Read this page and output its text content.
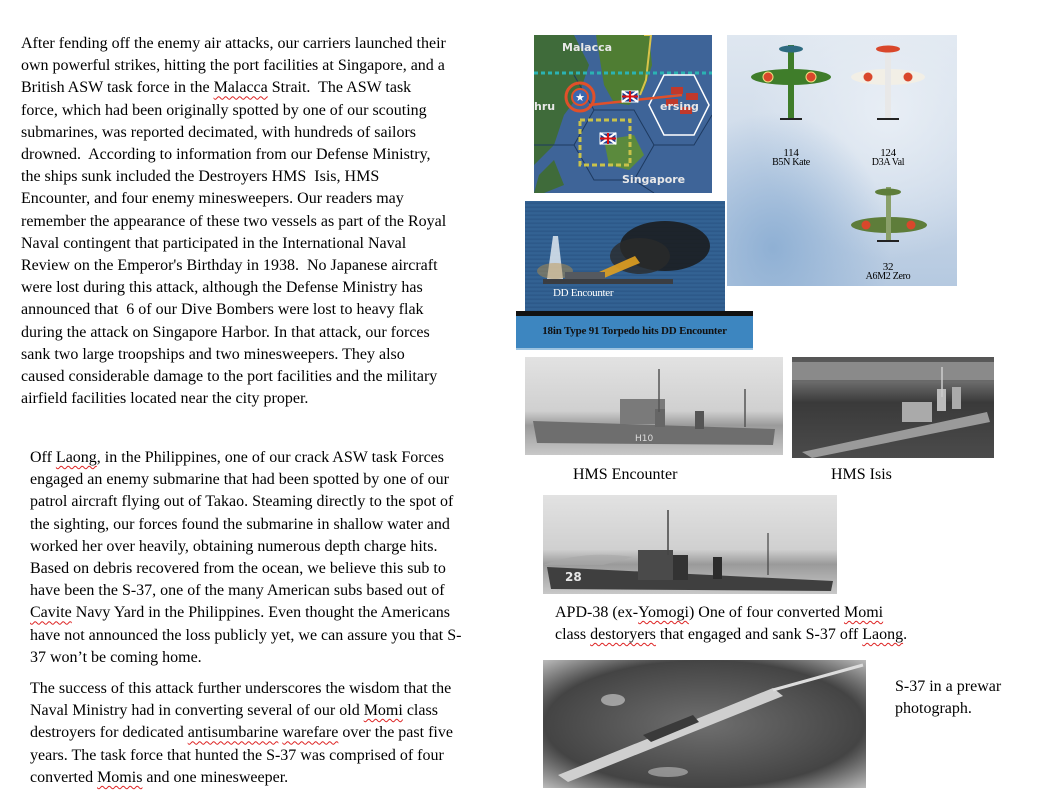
After fending off the enemy air attacks, our carriers launched their
own powerful strikes, hitting the port facilities at Singapore, and a
British ASW task force in the Malacca Strait.  The ASW task
force, which had been originally spotted by one of our scouting
submarines, was reported decimated, with hundreds of sailors
drowned.  According to information from our Defense Ministry,
the ships sunk included the Destroyers HMS  Isis, HMS
Encounter, and four enemy minesweepers. Our readers may
remember the appearance of these two vessels as part of the Royal
Naval contingent that participated in the International Naval
Review on the Emperor's Birthday in 1938.  No Japanese aircraft
were lost during this attack, although the Defense Ministry has
announced that  6 of our Dive Bombers were lost to heavy flak
during the attack on Singapore Harbor. In that attack, our forces
sank two large troopships and two minesweepers. They also
caused considerable damage to the port facilities and the military
airfield facilities located near the city proper.
Off Laong, in the Philippines, one of our crack ASW task Forces
engaged an enemy submarine that had been spotted by one of our
patrol aircraft flying out of Takao. Steaming directly to the spot of
the sighting, our forces found the submarine in shallow water and
worked her over heavily, obtaining numerous depth charge hits.
Based on debris recovered from the ocean, we believe this sub to
have been the S-37, one of the many American subs based out of
Cavite Navy Yard in the Philippines. Even thought the Americans
have not announced the loss publicly yet, we can assure you that S-
37 won’t be coming home.
The success of this attack further underscores the wisdom that the
Naval Ministry had in converting several of our old Momi class
destroyers for dedicated antisumbarine warefare over the past five
years. The task force that hunted the S-37 was comprised of four
converted Momis and one minesweeper.
★
Malacca
hru	ersing
Singapore
114
B5N Kate
124
D3A Val
32
A6M2 Zero
DD Encounter
18in Type 91 Torpedo hits DD Encounter
H10
HMS Encounter	HMS Isis
28
APD-38 (ex-Yomogi) One of four converted Momi
class destoryers that engaged and sank S-37 off Laong.
S-37 in a prewar
photograph.
